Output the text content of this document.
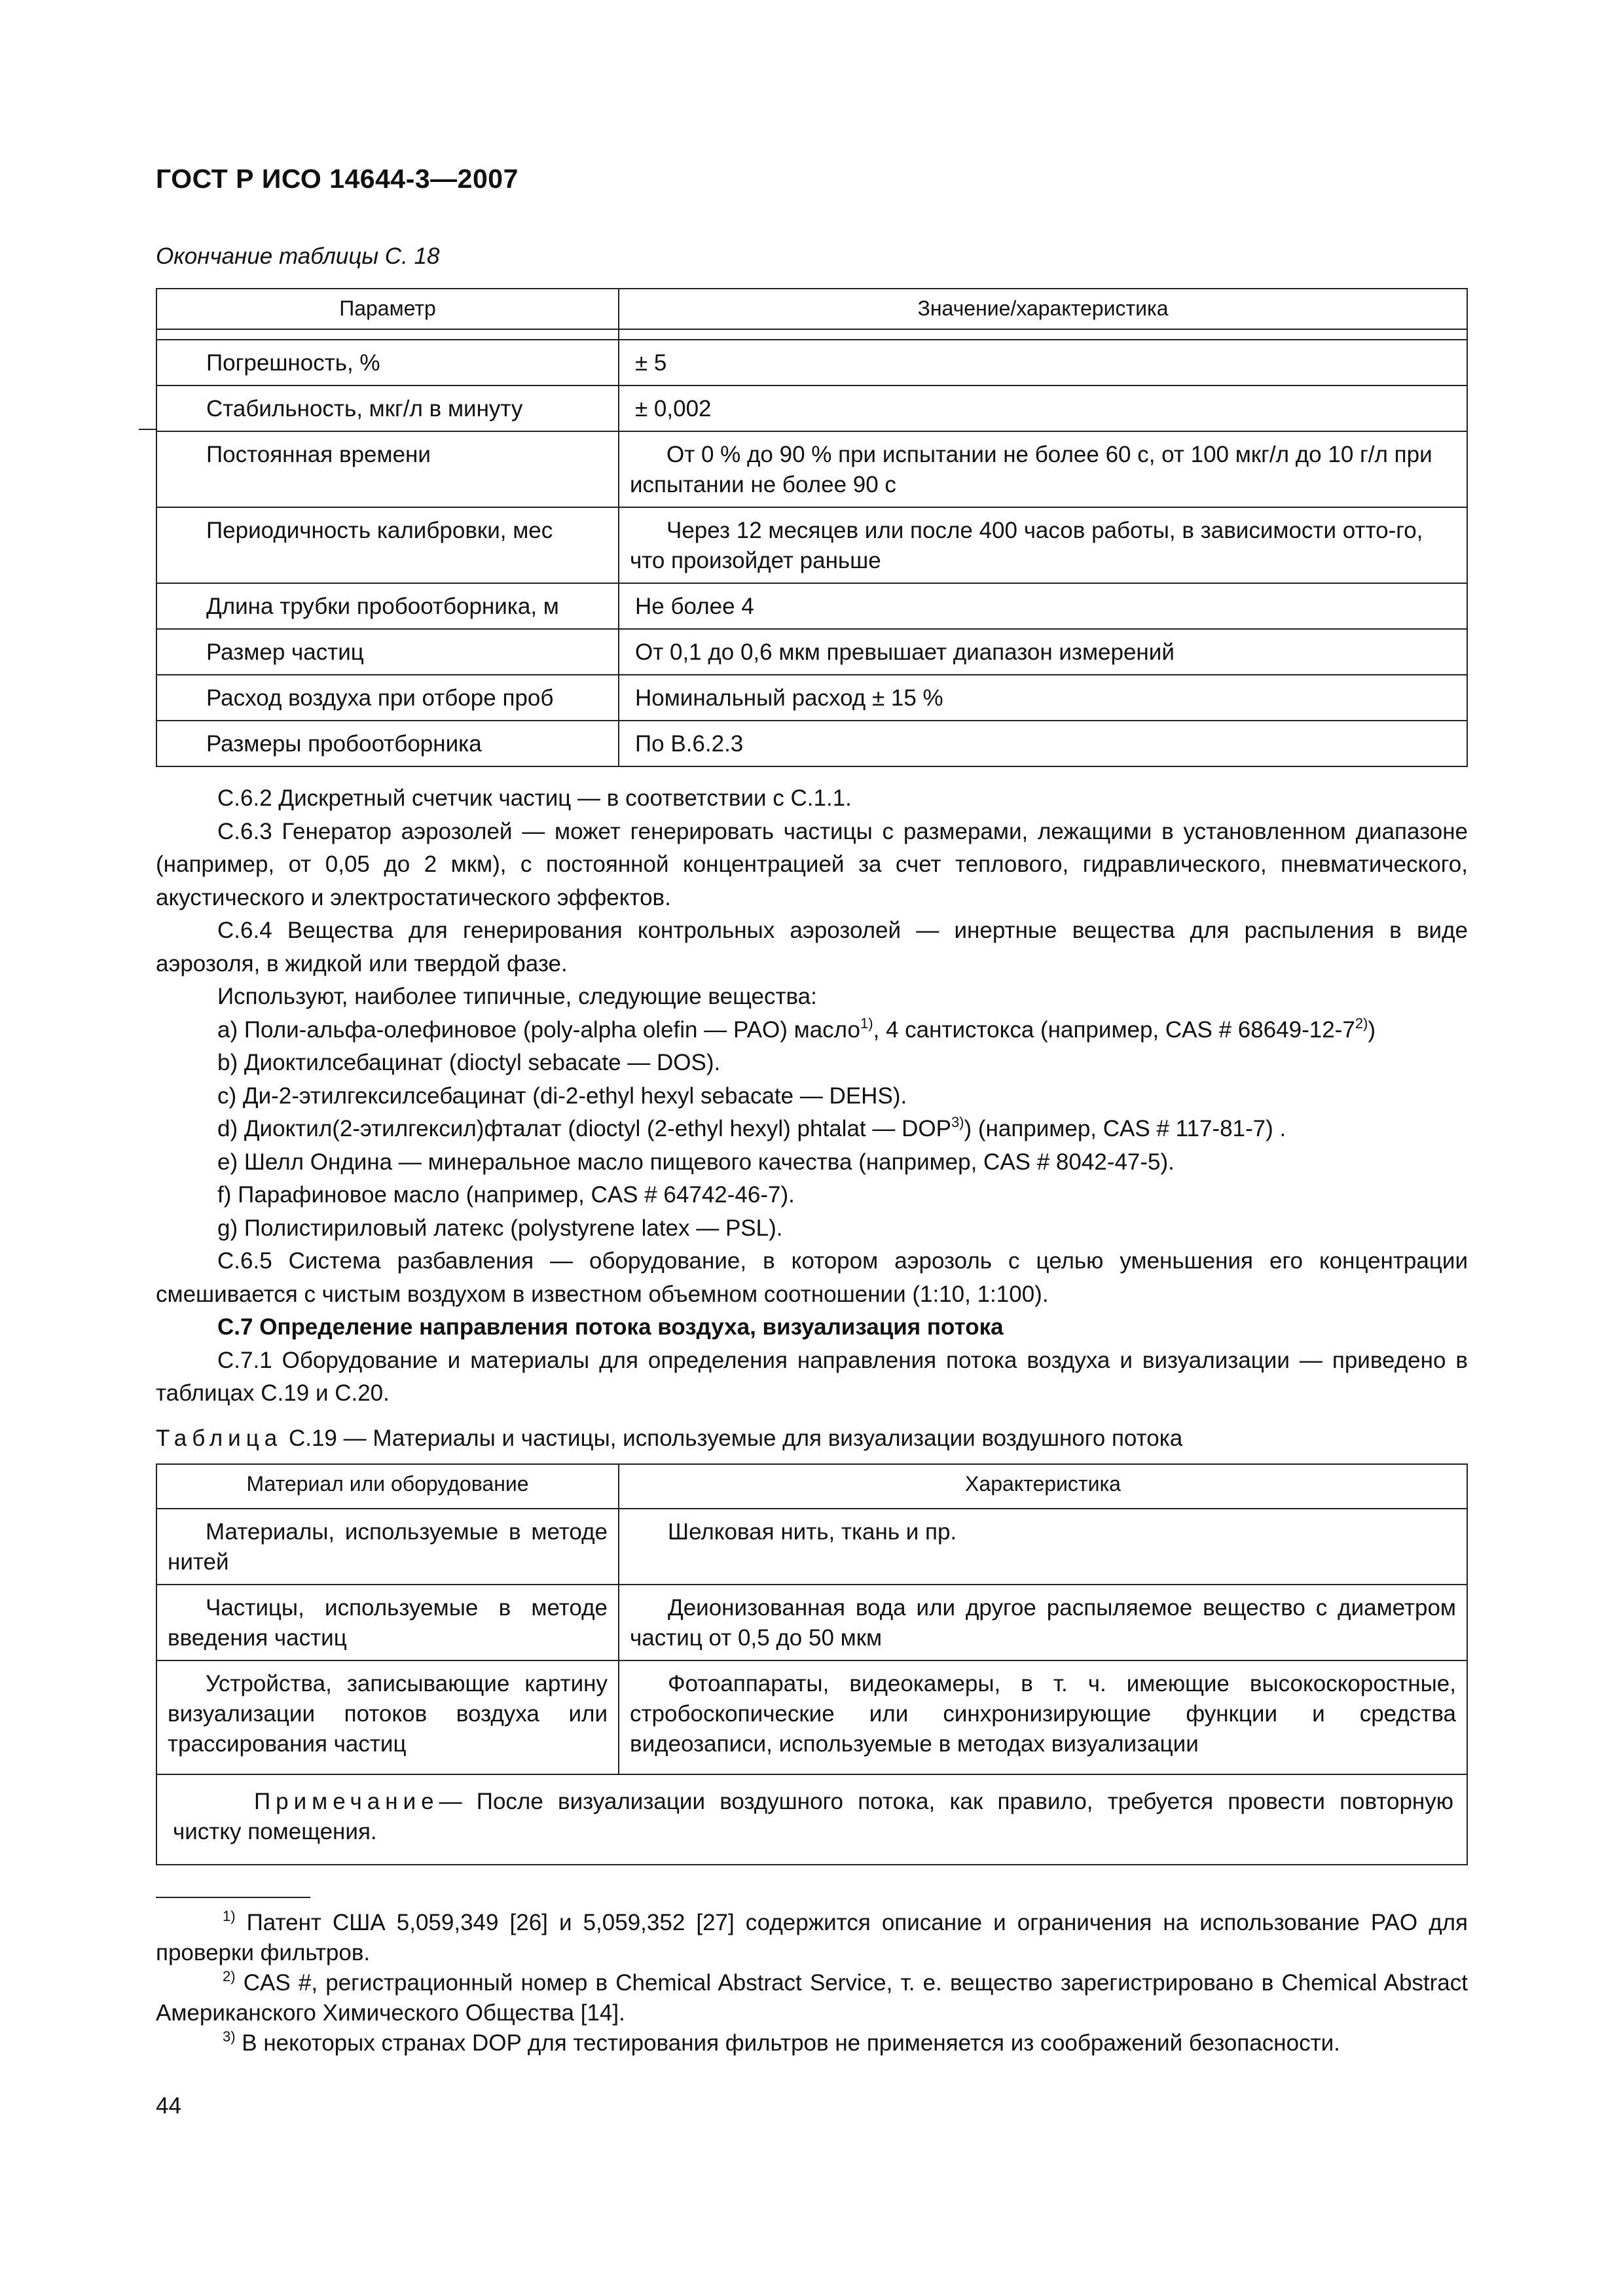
ГОСТ Р ИСО 14644-3—2007
Окончание таблицы С. 18
Параметр	Значение/характеристика

Погрешность, %	± 5
Стабильность, мкг/л в минуту	± 0,002
Постоянная времени	От 0 % до 90 % при испытании не более 60 с, от 100 мкг/л до 10 г/л при испытании не более 90 с
Периодичность калибровки, мес	Через 12 месяцев или после 400 часов работы, в зависимости отто-го, что произойдет раньше
Длина трубки пробоотборника, м	Не более 4
Размер частиц	От 0,1 до 0,6 мкм превышает диапазон измерений
Расход воздуха при отборе проб	Номинальный расход ± 15 %
Размеры пробоотборника	По В.6.2.3

С.6.2 Дискретный счетчик частиц — в соответствии с С.1.1.

С.6.3 Генератор аэрозолей — может генерировать частицы с размерами, лежащими в установленном диапазоне (например, от 0,05 до 2 мкм), с постоянной концентрацией за счет теплового, гидравлического, пневматического, акустического и электростатического эффектов.

С.6.4 Вещества для генерирования контрольных аэрозолей — инертные вещества для распыления в виде аэрозоля, в жидкой или твердой фазе.

Используют, наиболее типичные, следующие вещества:

a) Поли-альфа-олефиновое (poly-alpha olefin — PAO) масло$^{1)}$, 4 сантистокса (например, CAS # 68649-12-7$^{2)}$)

b) Диоктилсебацинат (dioctyl sebacate — DOS).

c) Ди-2-этилгексилсебацинат (di-2-ethyl hexyl sebacate — DEHS).

d) Диоктил(2-этилгексил)фталат (dioctyl (2-ethyl hexyl) phtalat — DOP$^{3)}$) (например, CAS # 117-81-7) .

e) Шелл Ондина — минеральное масло пищевого качества (например, CAS # 8042-47-5).

f) Парафиновое масло (например, CAS # 64742-46-7).

g) Полистириловый латекс (polystyrene latex — PSL).

С.6.5 Система разбавления — оборудование, в котором аэрозоль с целью уменьшения его концентрации смешивается с чистым воздухом в известном объемном соотношении (1:10, 1:100).

С.7 Определение направления потока воздуха, визуализация потока

С.7.1 Оборудование и материалы для определения направления потока воздуха и визуализации — приведено в таблицах С.19 и С.20.

Таблица С.19 — Материалы и частицы, используемые для визуализации воздушного потока
Материал или оборудование	Характеристика
Материалы, используемые в методе нитей	Шелковая нить, ткань и пр.
Частицы, используемые в методе введения частиц	Деионизованная вода или другое распыляемое вещество с диаметром частиц от 0,5 до 50 мкм
Устройства, записывающие картину визуализации потоков воздуха или трассирования частиц	Фотоаппараты, видеокамеры, в т. ч. имеющие высокоскоростные, стробоскопические или синхронизирующие функции и средства видеозаписи, используемые в методах визуализации

Примечание— После визуализации воздушного потока, как правило, требуется провести повторную чистку помещения.	

$^{1)}$ Патент США 5,059,349 [26] и 5,059,352 [27] содержится описание и ограничения на использование PAO для проверки фильтров.

$^{2)}$ CAS #, регистрационный номер в Chemical Abstract Service, т. е. вещество зарегистрировано в Chemical Abstract Американского Химического Общества [14].

$^{3)}$ В некоторых странах DOP для тестирования фильтров не применяется из соображений безопасности.

44
